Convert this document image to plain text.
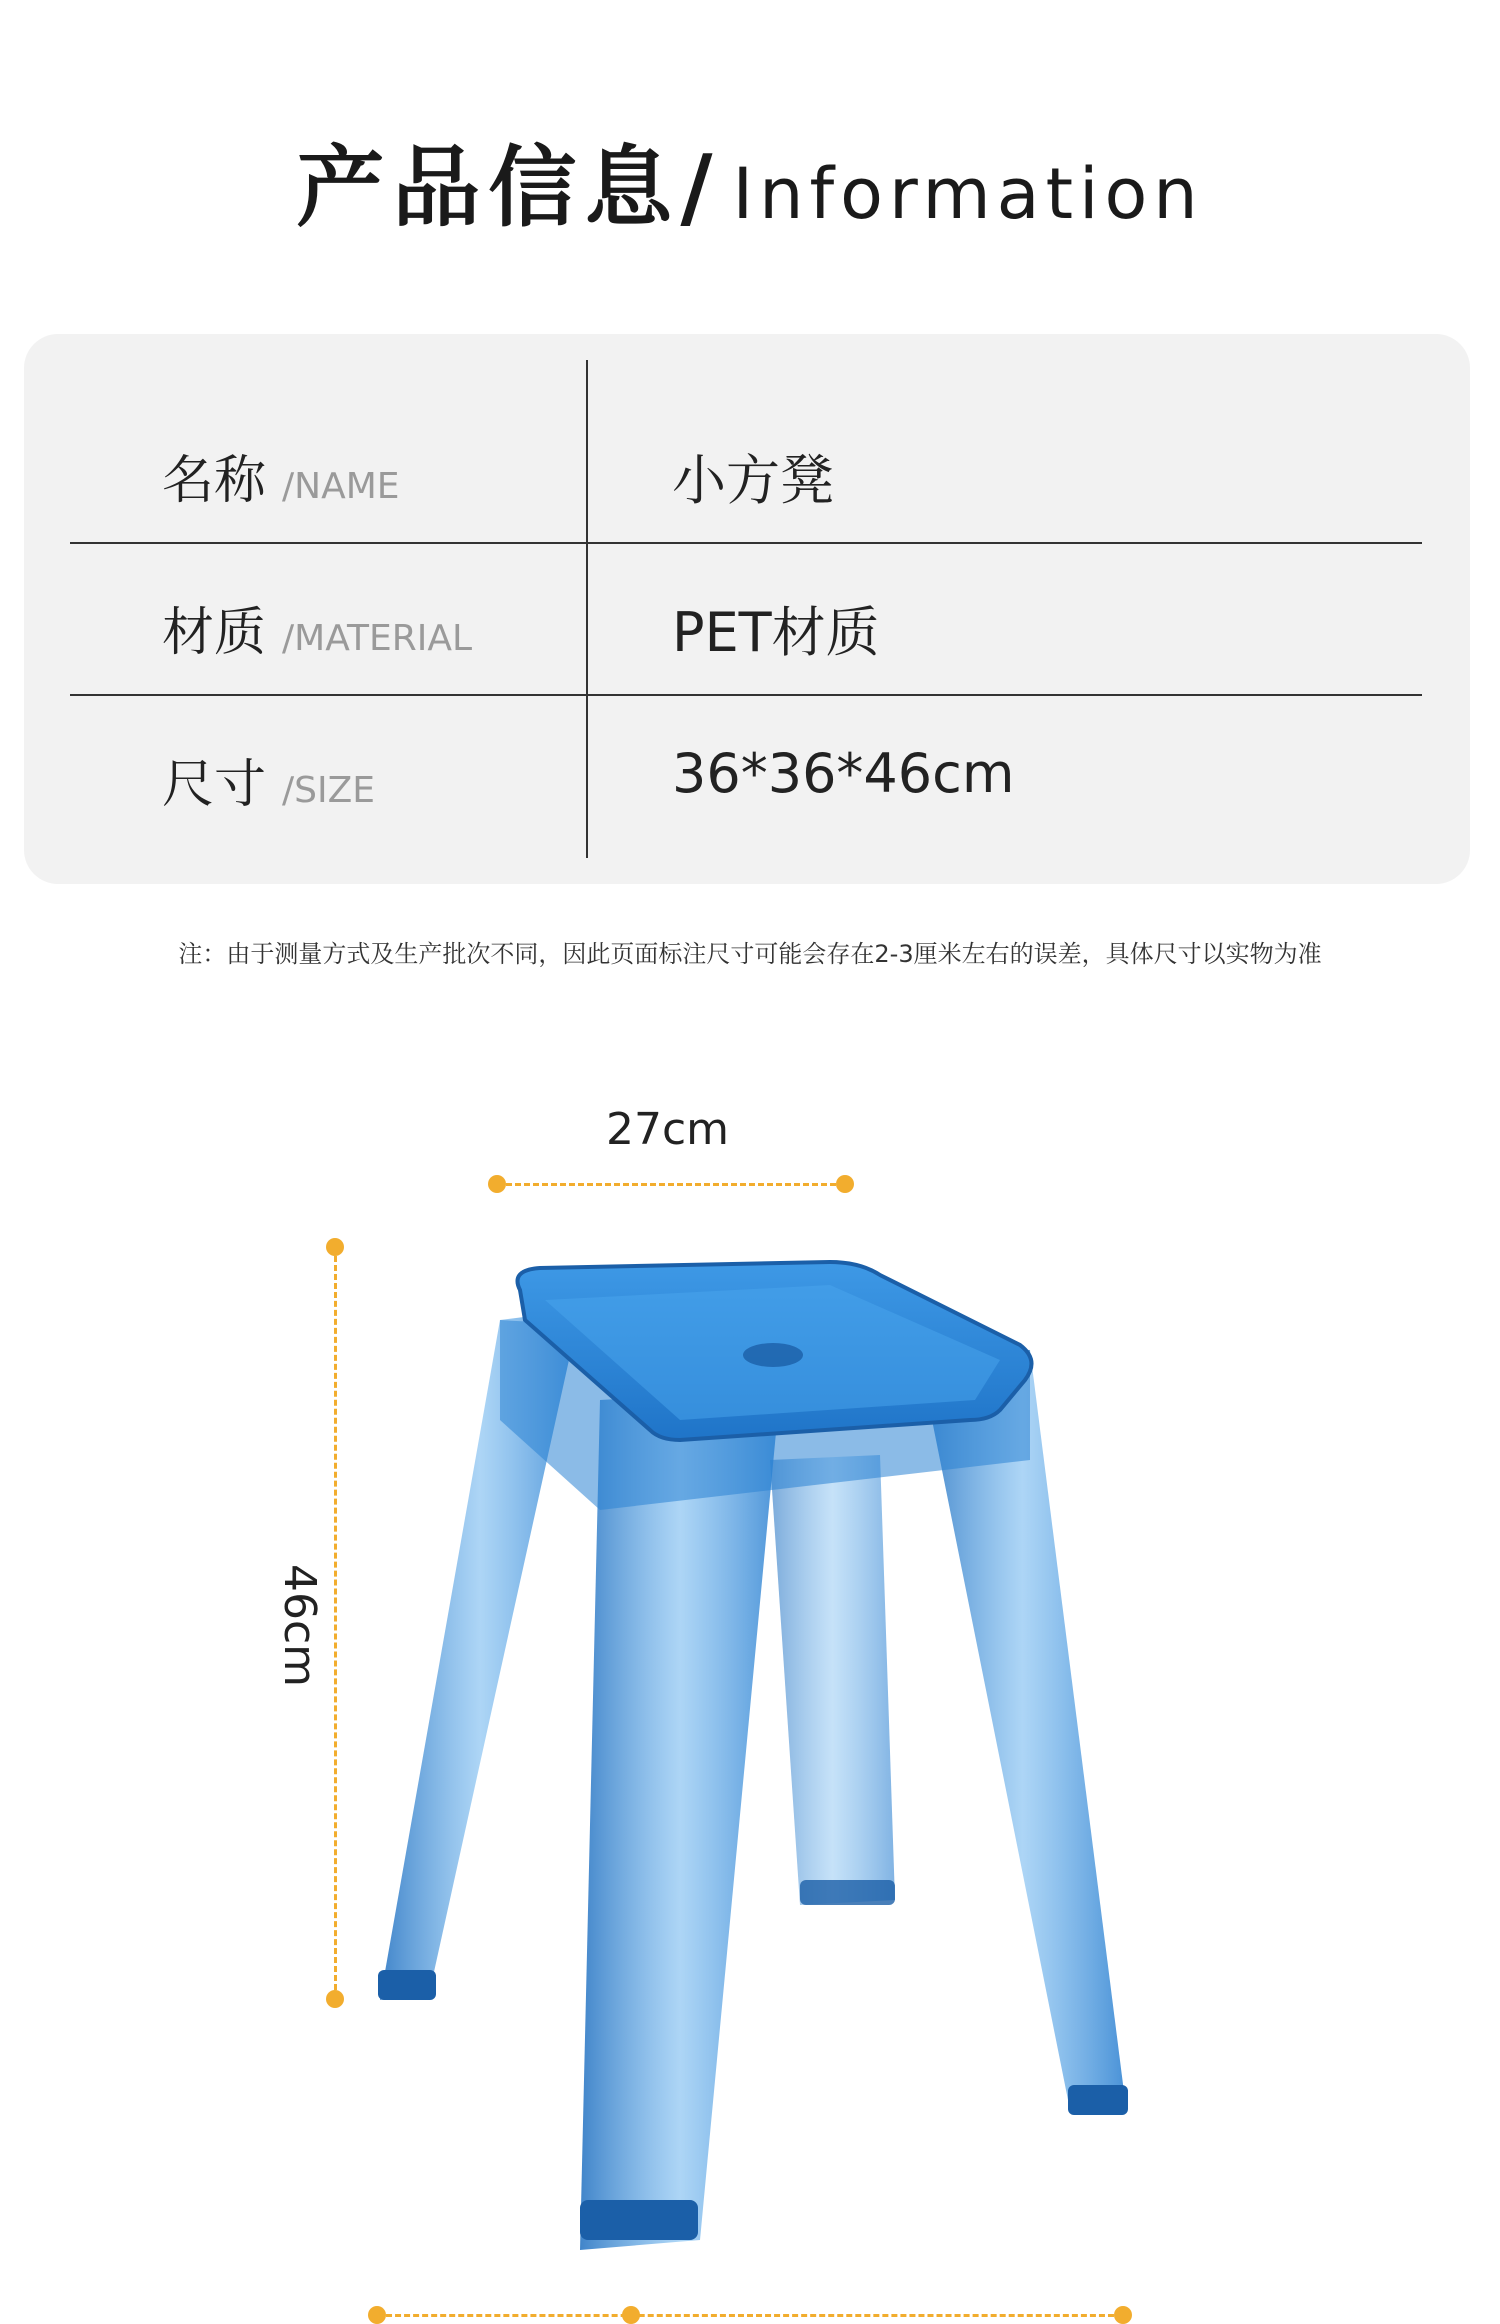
产品信息/ Information
名称 /NAME	小方凳
材质 /MATERIAL	PET材质
尺寸 /SIZE	36*36*46cm
注：由于测量方式及生产批次不同，因此页面标注尺寸可能会存在2-3厘米左右的误差，具体尺寸以实物为准
27cm
46cm
